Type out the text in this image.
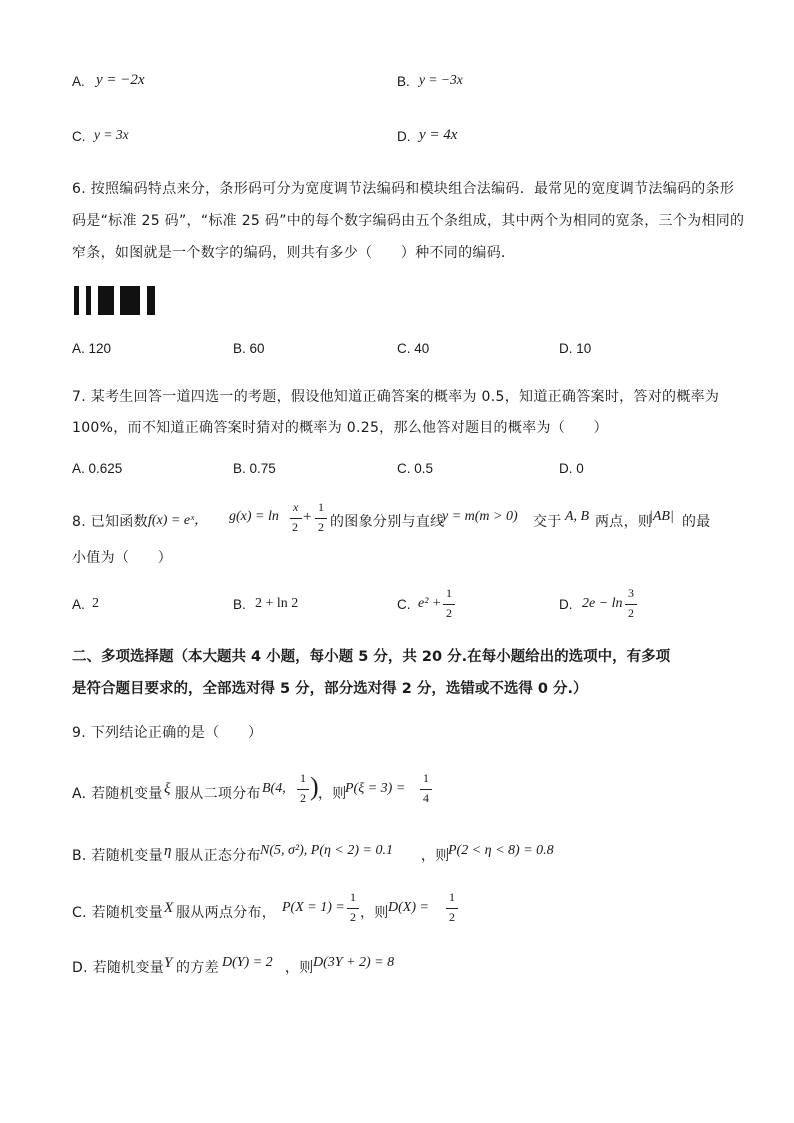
A. y = −2x	B. y = −3x
C. y = 3x	D. y = 4x
6. 按照编码特点来分，条形码可分为宽度调节法编码和模块组合法编码．最常见的宽度调节法编码的条形
码是“标准 25 码”，“标准 25 码”中的每个数字编码由五个条组成，其中两个为相同的宽条，三个为相同的
窄条，如图就是一个数字的编码，则共有多少（　　）种不同的编码．
A. 120	B. 60	C. 40	D. 10
7. 某考生回答一道四选一的考题，假设他知道正确答案的概率为 0.5，知道正确答案时，答对的概率为
100%，而不知道正确答案时猜对的概率为 0.25，那么他答对题目的概率为（　　）
A. 0.625	B. 0.75	C. 0.5	D. 0
8. 已知函数 f(x) = eˣ， g(x) = ln
x
2
+
1
2 的图象分别与直线
y = m(m > 0) 交于 A, B 两点，则
|AB| 的最
小值为（　　）
A. 2	B. 2 + ln 2	C. e² +
1
2
D. 2e − ln
3
2
二、多项选择题（本大题共 4 小题，每小题 5 分，共 20 分.在每小题给出的选项中，有多项
是符合题目要求的，全部选对得 5 分，部分选对得 2 分，选错或不选得 0 分.）
9. 下列结论正确的是（　　）
A. 若随机变量 ξ 服从二项分布 B(4,
1
2 ) ，则
P(ξ = 3) =
1
4
B. 若随机变量 η 服从正态分布 N(5, σ²), P(η < 2) = 0.1 ，则
P(2 < η < 8) = 0.8
C. 若随机变量 X 服从两点分布， P(X = 1) =
1
2 ，则 D(X) =
1
2
D. 若随机变量 Y 的方差 D(Y) = 2 ，则 D(3Y + 2) = 8
